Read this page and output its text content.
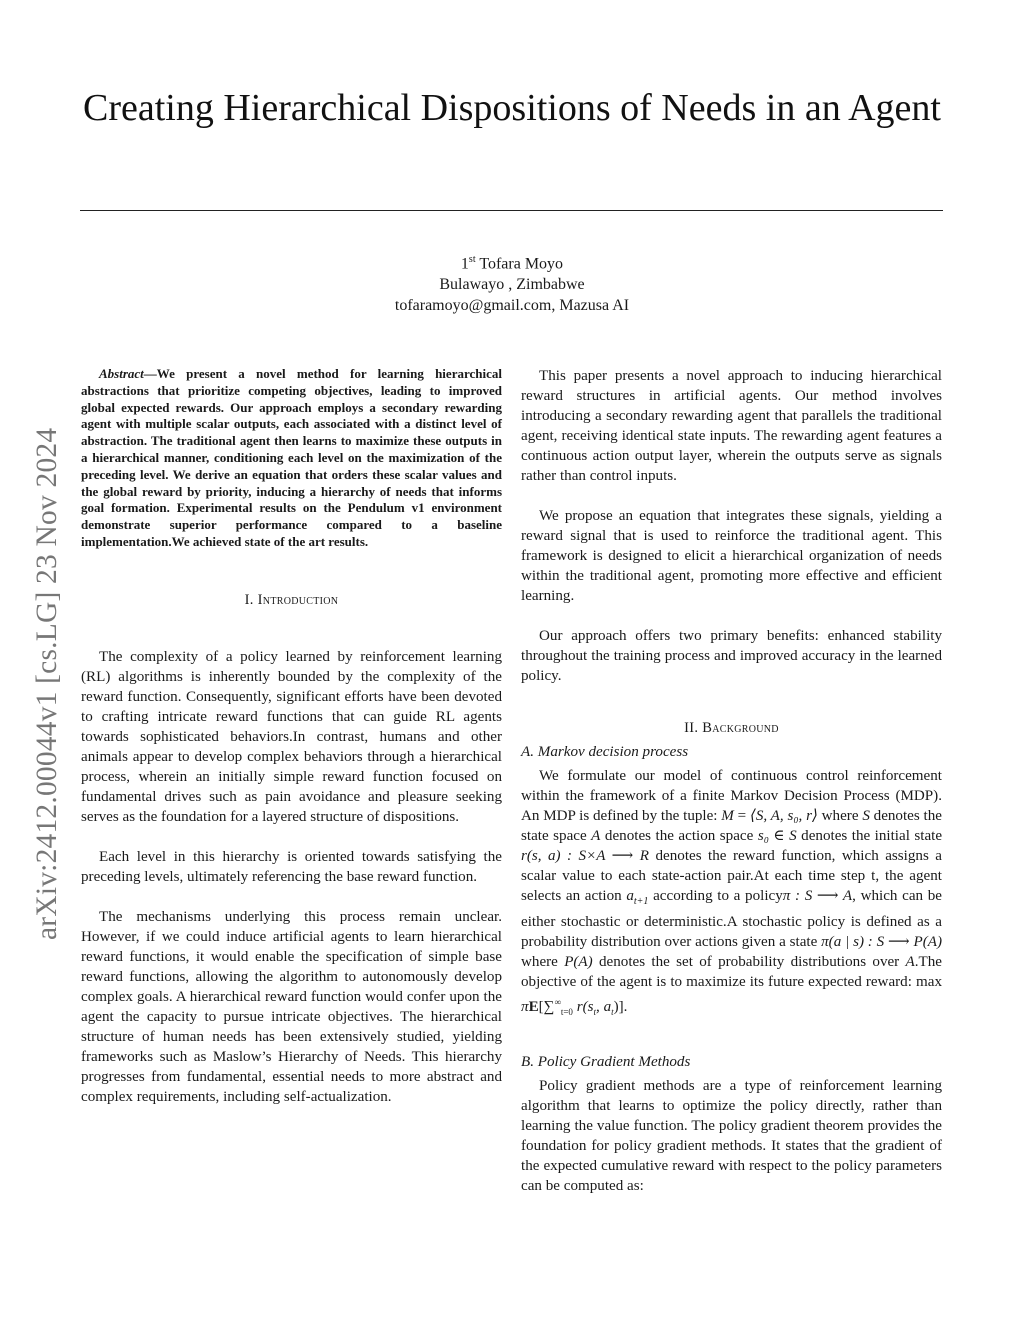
Creating Hierarchical Dispositions of Needs in an Agent
1st Tofara Moyo
Bulawayo , Zimbabwe
tofaramoyo@gmail.com, Mazusa AI
arXiv:2412.00044v1 [cs.LG] 23 Nov 2024

Abstract—We present a novel method for learning hierarchical abstractions that prioritize competing objectives, leading to improved global expected rewards. Our approach employs a secondary rewarding agent with multiple scalar outputs, each associated with a distinct level of abstraction. The traditional agent then learns to maximize these outputs in a hierarchical manner, conditioning each level on the maximization of the preceding level. We derive an equation that orders these scalar values and the global reward by priority, inducing a hierarchy of needs that informs goal formation. Experimental results on the Pendulum v1 environment demonstrate superior performance compared to a baseline implementation.We achieved state of the art results.

I. Introduction

The complexity of a policy learned by reinforcement learning (RL) algorithms is inherently bounded by the complexity of the reward function. Consequently, significant efforts have been devoted to crafting intricate reward functions that can guide RL agents towards sophisticated behaviors.In contrast, humans and other animals appear to develop complex behaviors through a hierarchical process, wherein an initially simple reward function focused on fundamental drives such as pain avoidance and pleasure seeking serves as the foundation for a layered structure of dispositions.

Each level in this hierarchy is oriented towards satisfying the preceding levels, ultimately referencing the base reward function.

The mechanisms underlying this process remain unclear. However, if we could induce artificial agents to learn hierarchical reward functions, it would enable the specification of simple base reward functions, allowing the algorithm to autonomously develop complex goals. A hierarchical reward function would confer upon the agent the capacity to pursue intricate objectives. The hierarchical structure of human needs has been extensively studied, yielding frameworks such as Maslow’s Hierarchy of Needs. This hierarchy progresses from fundamental, essential needs to more abstract and complex requirements, including self-actualization.

This paper presents a novel approach to inducing hierarchical reward structures in artificial agents. Our method involves introducing a secondary rewarding agent that parallels the traditional agent, receiving identical state inputs. The rewarding agent features a continuous action output layer, wherein the outputs serve as signals rather than control inputs.

We propose an equation that integrates these signals, yielding a reward signal that is used to reinforce the traditional agent. This framework is designed to elicit a hierarchical organization of needs within the traditional agent, promoting more effective and efficient learning.

Our approach offers two primary benefits: enhanced stability throughout the training process and improved accuracy in the learned policy.

II. Background

A. Markov decision process

We formulate our model of continuous control reinforcement within the framework of a finite Markov Decision Process (MDP). An MDP is defined by the tuple: M = ⟨S, A, s₀, r⟩ where S denotes the state space A denotes the action space s₀ ∈ S denotes the initial state r(s, a) : S×A ⟶ R denotes the reward function, which assigns a scalar value to each state-action pair.At each time step t, the agent selects an action $a_{t+1}$ according to a policyπ : S ⟶ A, which can be either stochastic or deterministic.A stochastic policy is defined as a probability distribution over actions given a state π(a | s) : S ⟶ P(A) where P(A) denotes the set of probability distributions over A.The objective of the agent is to maximize its future expected reward: $\max \pi E[\sum^\infty_{t=0}$ $r(s_t$, $a_t$)].

B. Policy Gradient Methods

Policy gradient methods are a type of reinforcement learning algorithm that learns to optimize the policy directly, rather than learning the value function. The policy gradient theorem provides the foundation for policy gradient methods. It states that the gradient of the expected cumulative reward with respect to the policy parameters can be computed as:
